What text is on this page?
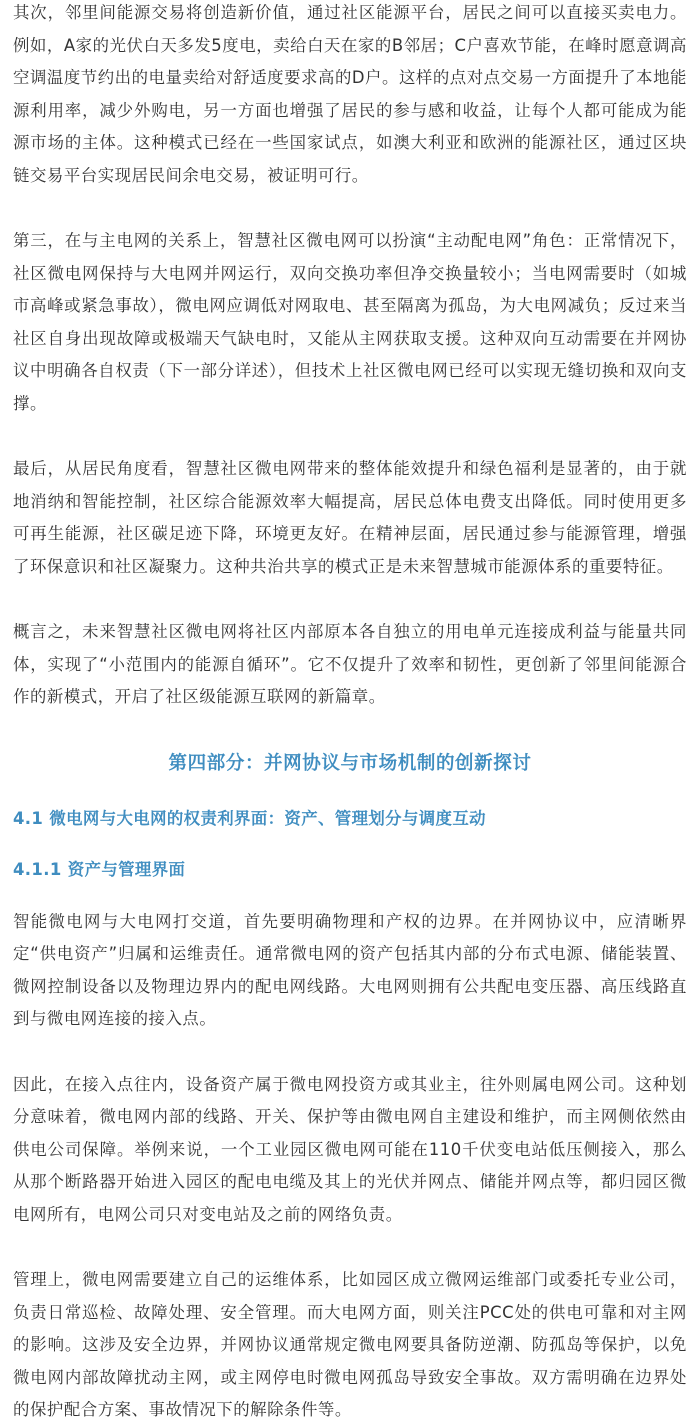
其次，邻里间能源交易将创造新价值，通过社区能源平台，居民之间可以直接买卖电力。例如，A家的光伏白天多发5度电，卖给白天在家的B邻居；C户喜欢节能，在峰时愿意调高空调温度节约出的电量卖给对舒适度要求高的D户。这样的点对点交易一方面提升了本地能源利用率，减少外购电，另一方面也增强了居民的参与感和收益，让每个人都可能成为能源市场的主体。这种模式已经在一些国家试点，如澳大利亚和欧洲的能源社区，通过区块链交易平台实现居民间余电交易，被证明可行。

第三，在与主电网的关系上，智慧社区微电网可以扮演“主动配电网”角色：正常情况下，社区微电网保持与大电网并网运行，双向交换功率但净交换量较小；当电网需要时（如城市高峰或紧急事故），微电网应调低对网取电、甚至隔离为孤岛，为大电网减负；反过来当社区自身出现故障或极端天气缺电时，又能从主网获取支援。这种双向互动需要在并网协议中明确各自权责（下一部分详述），但技术上社区微电网已经可以实现无缝切换和双向支撑。

最后，从居民角度看，智慧社区微电网带来的整体能效提升和绿色福利是显著的，由于就地消纳和智能控制，社区综合能源效率大幅提高，居民总体电费支出降低。同时使用更多可再生能源，社区碳足迹下降，环境更友好。在精神层面，居民通过参与能源管理，增强了环保意识和社区凝聚力。这种共治共享的模式正是未来智慧城市能源体系的重要特征。

概言之，未来智慧社区微电网将社区内部原本各自独立的用电单元连接成利益与能量共同体，实现了“小范围内的能源自循环”。它不仅提升了效率和韧性，更创新了邻里间能源合作的新模式，开启了社区级能源互联网的新篇章。

第四部分：并网协议与市场机制的创新探讨
4.1 微电网与大电网的权责利界面：资产、管理划分与调度互动
4.1.1 资产与管理界面

智能微电网与大电网打交道，首先要明确物理和产权的边界。在并网协议中，应清晰界定“供电资产”归属和运维责任。通常微电网的资产包括其内部的分布式电源、储能装置、微网控制设备以及物理边界内的配电网线路。大电网则拥有公共配电变压器、高压线路直到与微电网连接的接入点。

因此，在接入点往内，设备资产属于微电网投资方或其业主，往外则属电网公司。这种划分意味着，微电网内部的线路、开关、保护等由微电网自主建设和维护，而主网侧依然由供电公司保障。举例来说，一个工业园区微电网可能在110千伏变电站低压侧接入，那么从那个断路器开始进入园区的配电电缆及其上的光伏并网点、储能并网点等，都归园区微电网所有，电网公司只对变电站及之前的网络负责。

管理上，微电网需要建立自己的运维体系，比如园区成立微网运维部门或委托专业公司，负责日常巡检、故障处理、安全管理。而大电网方面，则关注PCC处的供电可靠和对主网的影响。这涉及安全边界，并网协议通常规定微电网要具备防逆潮、防孤岛等保护，以免微电网内部故障扰动主网，或主网停电时微电网孤岛导致安全事故。双方需明确在边界处的保护配合方案、事故情况下的解除条件等。
